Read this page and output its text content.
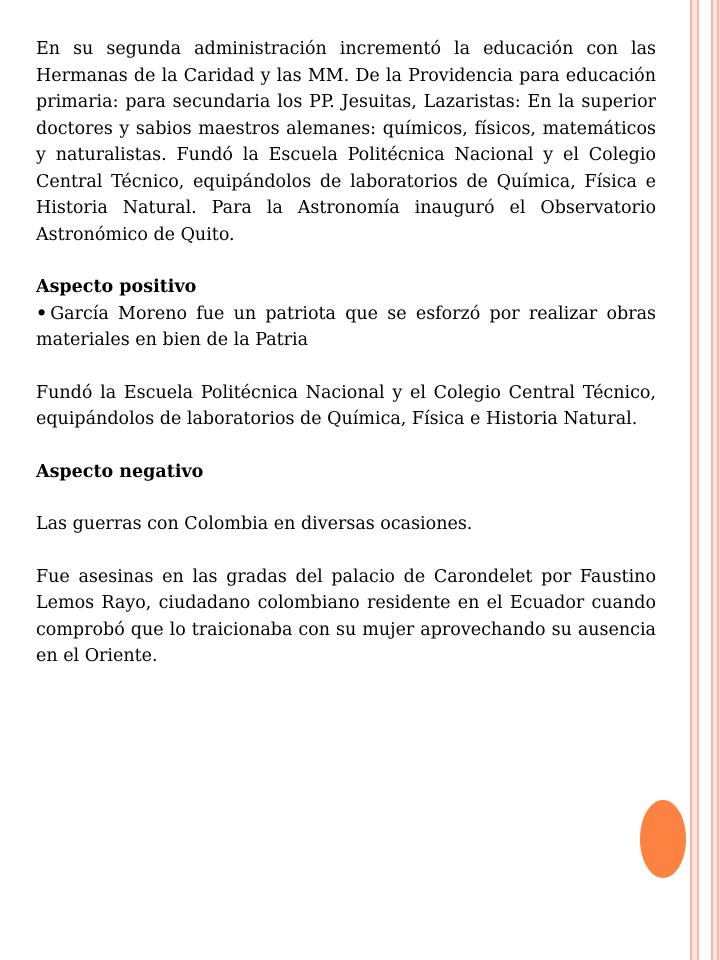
En su segunda administración incrementó la educación con las Hermanas de la Caridad y las MM. De la Providencia para educación primaria: para secundaria los PP. Jesuitas, Lazaristas: En la superior doctores y sabios maestros alemanes: químicos, físicos, matemáticos y naturalistas. Fundó la Escuela Politécnica Nacional y el Colegio Central Técnico, equipándolos de laboratorios de Química, Física e Historia Natural. Para la Astronomía inauguró el Observatorio Astronómico de Quito.

Aspecto positivo

• García Moreno fue un patriota que se esforzó por realizar obras materiales en bien de la Patria

Fundó la Escuela Politécnica Nacional y el Colegio Central Técnico, equipándolos de laboratorios de Química, Física e Historia Natural.

Aspecto negativo

Las guerras con Colombia en diversas ocasiones.

Fue asesinas en las gradas del palacio de Carondelet por Faustino Lemos Rayo, ciudadano colombiano residente en el Ecuador cuando comprobó que lo traicionaba con su mujer aprovechando su ausencia en el Oriente.
